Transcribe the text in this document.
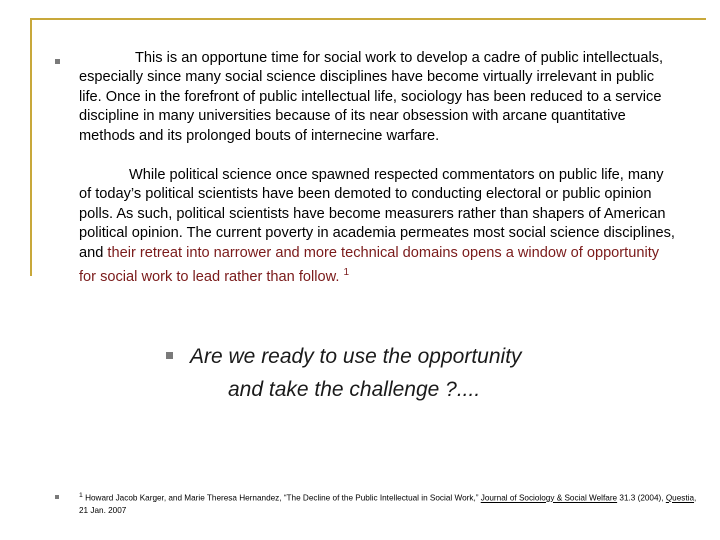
This is an opportune time for social work to develop a cadre of public intellectuals, especially since many social science disciplines have become virtually irrelevant in public life. Once in the forefront of public intellectual life, sociology has been reduced to a service discipline in many universities because of its near obsession with arcane quantitative methods and its prolonged bouts of internecine warfare.

While political science once spawned respected commentators on public life, many of today’s political scientists have been demoted to conducting electoral or public opinion polls. As such, political scientists have become measurers rather than shapers of American political opinion. The current poverty in academia permeates most social science disciplines, and their retreat into narrower and more technical domains opens a window of opportunity for social work to lead rather than follow. $^1$

Are we ready to use the opportunity
and take the challenge ?....
$^1$ Howard Jacob Karger, and Marie Theresa Hernandez, “The Decline of the Public Intellectual in Social Work,” Journal of Sociology & Social Welfare 31.3 (2004), Questia, 21 Jan. 2007
